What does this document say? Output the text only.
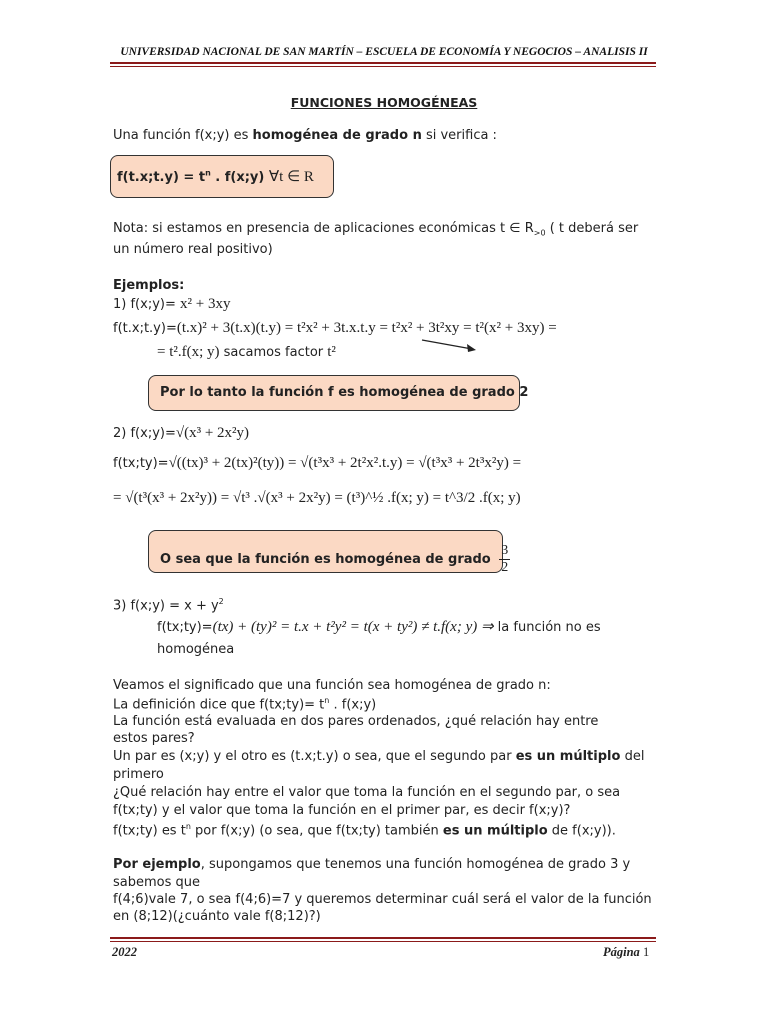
UNIVERSIDAD NACIONAL DE SAN MARTÍN – ESCUELA DE ECONOMÍA Y NEGOCIOS – ANALISIS II
FUNCIONES HOMOGÉNEAS
Una función f(x;y) es homogénea de grado n si verifica :
f(t.x;t.y) = $t^n$ . f(x;y) ∀t ∈ R
Nota: si estamos en presencia de aplicaciones económicas t ∈ $R_{>0}$ ( t deberá ser
un número real positivo)
Ejemplos:
1) f(x;y)= x² + 3xy
f(t.x;t.y)=(t.x)² + 3(t.x)(t.y) = t²x² + 3t.x.t.y = t²x² + 3t²xy = t²(x² + 3xy) =
= t².f(x; y) sacamos factor t²
Por lo tanto la función f es homogénea de grado 2
2) f(x;y)=√(x³ + 2x²y)
f(tx;ty)=√((tx)³ + 2(tx)²(ty)) = √(t³x³ + 2t²x².t.y) = √(t³x³ + 2t³x²y) =
= √(t³(x³ + 2x²y)) = √t³ .√(x³ + 2x²y) = (t³)^½ .f(x; y) = t^3/2 .f(x; y)
O sea que la función es homogénea de grado $\frac{3}{2}$
3) f(x;y) = $x + y^2$
f(tx;ty)=(tx) + (ty)² = t.x + t²y² = t(x + ty²) ≠ t.f(x; y) ⇒ la función no es
homogénea
Veamos el significado que una función sea homogénea de grado n:
La definición dice que f(tx;ty)= $t^n$ . f(x;y)
La función está evaluada en dos pares ordenados, ¿qué relación hay entre
estos pares?
Un par es (x;y) y el otro es (t.x;t.y) o sea, que el segundo par es un múltiplo del
primero
¿Qué relación hay entre el valor que toma la función en el segundo par, o sea
f(tx;ty) y el valor que toma la función en el primer par, es decir f(x;y)?
f(tx;ty) es $t^n$ por f(x;y) (o sea, que f(tx;ty) también es un múltiplo de f(x;y)).
Por ejemplo, supongamos que tenemos una función homogénea de grado 3 y
sabemos que
f(4;6)vale 7, o sea f(4;6)=7 y queremos determinar cuál será el valor de la función
en (8;12)(¿cuánto vale f(8;12)?)
2022	Página 1
